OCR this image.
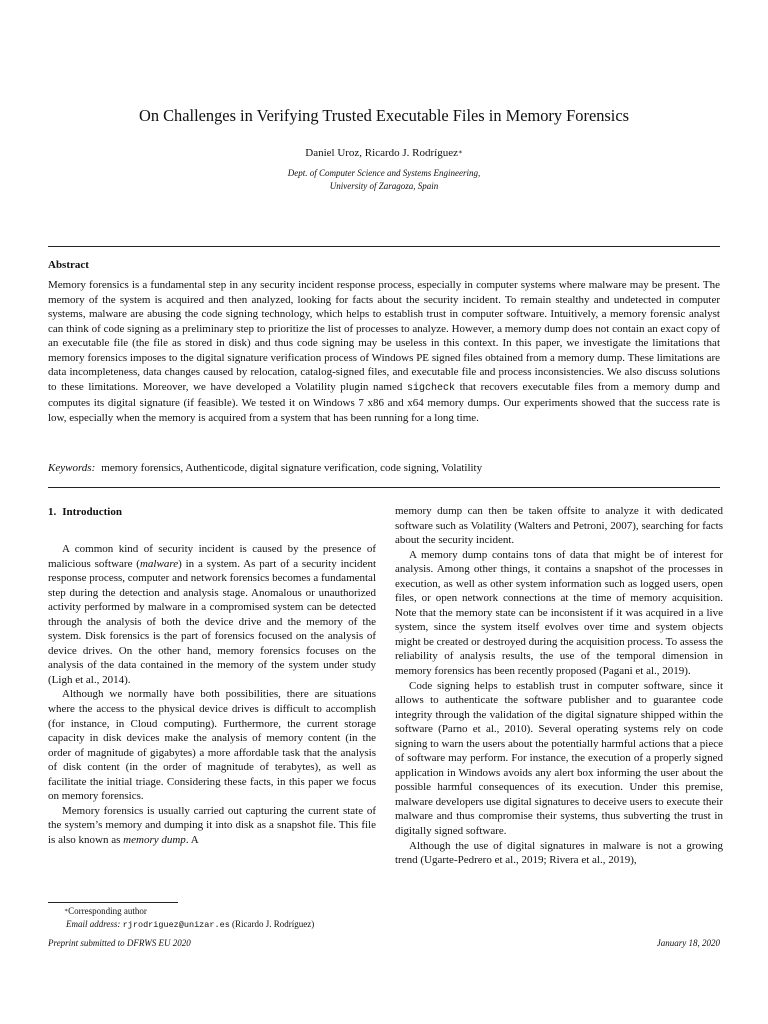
On Challenges in Verifying Trusted Executable Files in Memory Forensics
Daniel Uroz, Ricardo J. Rodríguez∗
Dept. of Computer Science and Systems Engineering,
University of Zaragoza, Spain
Abstract
Memory forensics is a fundamental step in any security incident response process, especially in computer systems where malware may be present. The memory of the system is acquired and then analyzed, looking for facts about the security incident. To remain stealthy and undetected in computer systems, malware are abusing the code signing technology, which helps to establish trust in computer software. Intuitively, a memory forensic analyst can think of code signing as a preliminary step to prioritize the list of processes to analyze. However, a memory dump does not contain an exact copy of an executable file (the file as stored in disk) and thus code signing may be useless in this context. In this paper, we investigate the limitations that memory forensics imposes to the digital signature verification process of Windows PE signed files obtained from a memory dump. These limitations are data incompleteness, data changes caused by relocation, catalog-signed files, and executable file and process inconsistencies. We also discuss solutions to these limitations. Moreover, we have developed a Volatility plugin named sigcheck that recovers executable files from a memory dump and computes its digital signature (if feasible). We tested it on Windows 7 x86 and x64 memory dumps. Our experiments showed that the success rate is low, especially when the memory is acquired from a system that has been running for a long time.
Keywords: memory forensics, Authenticode, digital signature verification, code signing, Volatility
1. Introduction

A common kind of security incident is caused by the presence of malicious software (malware) in a system. As part of a security incident response process, computer and network forensics becomes a fundamental step during the detection and analysis stage. Anomalous or unauthorized activity performed by malware in a compromised system can be detected through the analysis of both the device drive and the memory of the system. Disk forensics is the part of forensics focused on the analysis of device drives. On the other hand, memory forensics focuses on the analysis of the data contained in the memory of the system under study (Ligh et al., 2014).

Although we normally have both possibilities, there are situations where the access to the physical device drives is difficult to accomplish (for instance, in Cloud computing). Furthermore, the current storage capacity in disk devices make the analysis of memory content (in the order of magnitude of gigabytes) a more affordable task that the analysis of disk content (in the order of magnitude of terabytes), as well as facilitate the initial triage. Considering these facts, in this paper we focus on memory forensics.

Memory forensics is usually carried out capturing the current state of the system’s memory and dumping it into disk as a snapshot file. This file is also known as memory dump. A

memory dump can then be taken offsite to analyze it with dedicated software such as Volatility (Walters and Petroni, 2007), searching for facts about the security incident.

A memory dump contains tons of data that might be of interest for analysis. Among other things, it contains a snapshot of the processes in execution, as well as other system information such as logged users, open files, or open network connections at the time of memory acquisition. Note that the memory state can be inconsistent if it was acquired in a live system, since the system itself evolves over time and system objects might be created or destroyed during the acquisition process. To assess the reliability of analysis results, the use of the temporal dimension in memory forensics has been recently proposed (Pagani et al., 2019).

Code signing helps to establish trust in computer software, since it allows to authenticate the software publisher and to guarantee code integrity through the validation of the digital signature shipped within the software (Parno et al., 2010). Several operating systems rely on code signing to warn the users about the potentially harmful actions that a piece of software may perform. For instance, the execution of a properly signed application in Windows avoids any alert box informing the user about the possible harmful consequences of its execution. Under this premise, malware developers use digital signatures to deceive users to execute their malware and thus compromise their systems, thus subverting the trust in digitally signed software.

Although the use of digital signatures in malware is not a growing trend (Ugarte-Pedrero et al., 2019; Rivera et al., 2019),

∗Corresponding author
Email address: rjrodriguez@unizar.es (Ricardo J. Rodríguez)
Preprint submitted to DFRWS EU 2020	January 18, 2020
